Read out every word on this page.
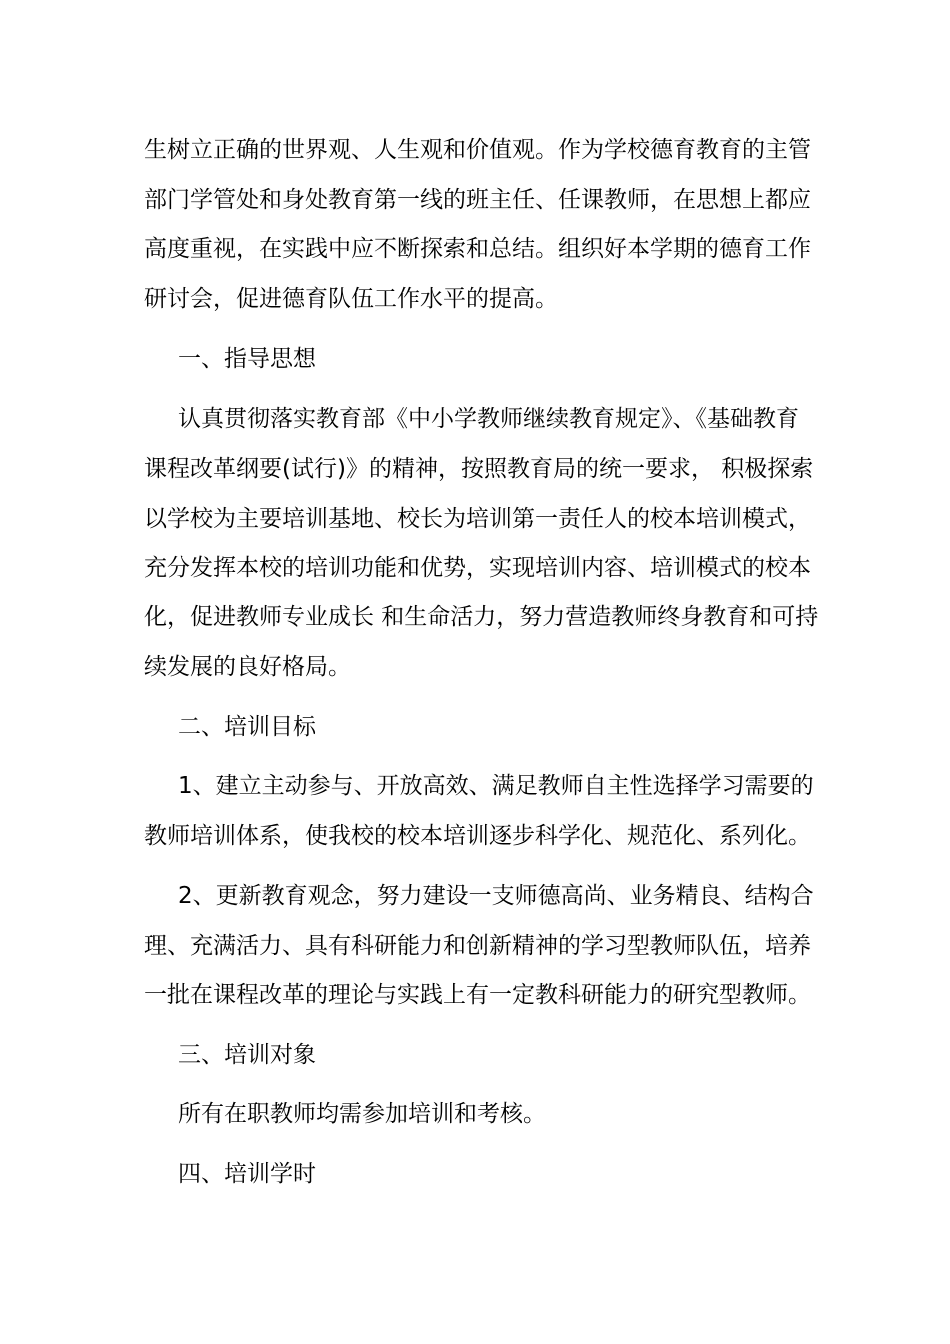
生树立正确的世界观、人生观和价值观。作为学校德育教育的主管

部门学管处和身处教育第一线的班主任、任课教师，在思想上都应

高度重视，在实践中应不断探索和总结。组织好本学期的德育工作

研讨会，促进德育队伍工作水平的提高。

一、指导思想

认真贯彻落实教育部《中小学教师继续教育规定》、《基础教育

课程改革纲要(试行)》的精神，按照教育局的统一要求， 积极探索

以学校为主要培训基地、校长为培训第一责任人的校本培训模式，

充分发挥本校的培训功能和优势，实现培训内容、培训模式的校本

化，促进教师专业成长 和生命活力，努力营造教师终身教育和可持

续发展的良好格局。

二、培训目标

1、建立主动参与、开放高效、满足教师自主性选择学习需要的

教师培训体系，使我校的校本培训逐步科学化、规范化、系列化。

2、更新教育观念，努力建设一支师德高尚、业务精良、结构合

理、充满活力、具有科研能力和创新精神的学习型教师队伍，培养

一批在课程改革的理论与实践上有一定教科研能力的研究型教师。

三、培训对象

所有在职教师均需参加培训和考核。

四、培训学时
